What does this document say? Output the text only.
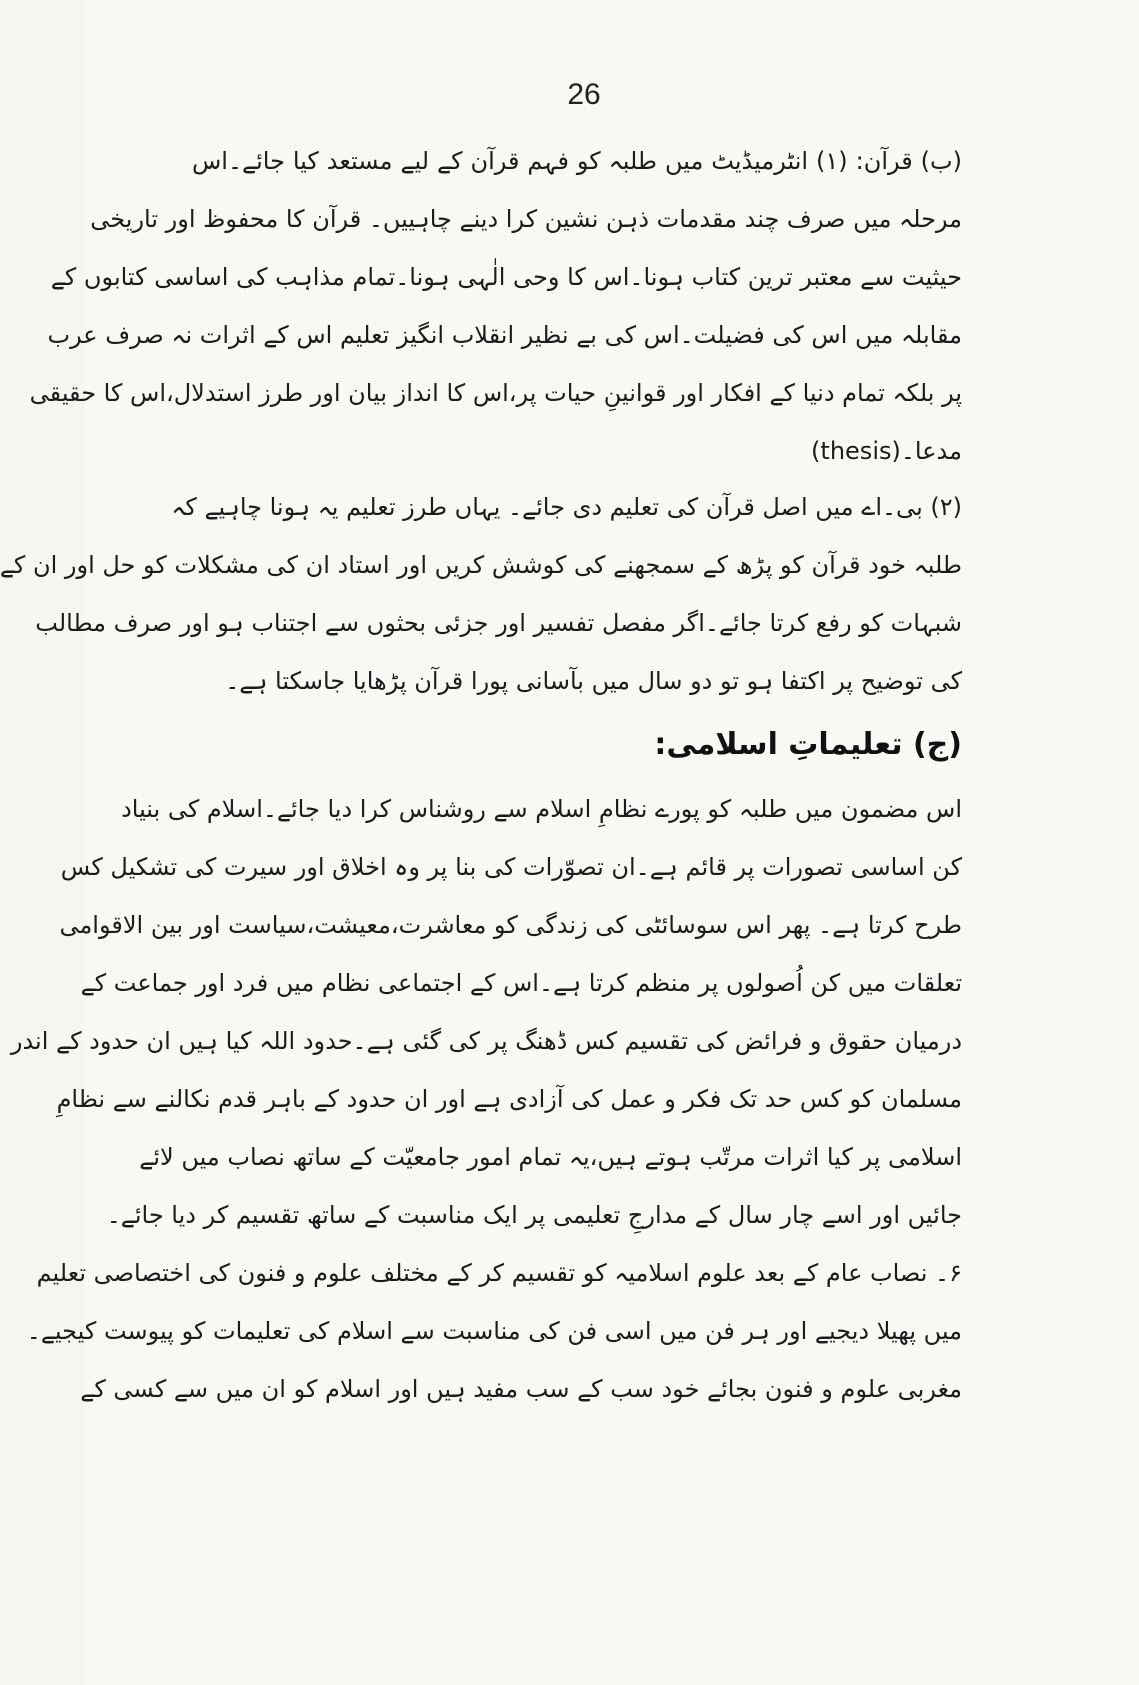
26
(ب) قرآن: (۱) انٹرمیڈیٹ میں طلبہ کو فہم قرآن کے لیے مستعد کیا جائے۔اس
مرحلہ میں صرف چند مقدمات ذہن نشین کرا دینے چاہییں۔ قرآن کا محفوظ اور تاریخی
حیثیت سے معتبر ترین کتاب ہونا۔اس کا وحی الٰہی ہونا۔تمام مذاہب کی اساسی کتابوں کے
مقابلہ میں اس کی فضیلت۔اس کی بے نظیر انقلاب انگیز تعلیم اس کے اثرات نہ صرف عرب
پر بلکہ تمام دنیا کے افکار اور قوانینِ حیات پر،اس کا انداز بیان اور طرز استدلال،اس کا حقیقی
مدعا۔(thesis)
(۲) بی۔اے میں اصل قرآن کی تعلیم دی جائے۔ یہاں طرز تعلیم یہ ہونا چاہیے کہ
طلبہ خود قرآن کو پڑھ کے سمجھنے کی کوشش کریں اور استاد ان کی مشکلات کو حل اور ان کے
شبہات کو رفع کرتا جائے۔اگر مفصل تفسیر اور جزئی بحثوں سے اجتناب ہو اور صرف مطالب
کی توضیح پر اکتفا ہو تو دو سال میں بآسانی پورا قرآن پڑھایا جاسکتا ہے۔
(ج) تعلیماتِ اسلامی:
اس مضمون میں طلبہ کو پورے نظامِ اسلام سے روشناس کرا دیا جائے۔اسلام کی بنیاد
کن اساسی تصورات پر قائم ہے۔ان تصوّرات کی بنا پر وہ اخلاق اور سیرت کی تشکیل کس
طرح کرتا ہے۔ پھر اس سوسائٹی کی زندگی کو معاشرت،معیشت،سیاست اور بین الاقوامی
تعلقات میں کن اُصولوں پر منظم کرتا ہے۔اس کے اجتماعی نظام میں فرد اور جماعت کے
درمیان حقوق و فرائض کی تقسیم کس ڈھنگ پر کی گئی ہے۔حدود اللہ کیا ہیں ان حدود کے اندر
مسلمان کو کس حد تک فکر و عمل کی آزادی ہے اور ان حدود کے باہر قدم نکالنے سے نظامِ
اسلامی پر کیا اثرات مرتّب ہوتے ہیں،یہ تمام امور جامعیّت کے ساتھ نصاب میں لائے
جائیں اور اسے چار سال کے مدارجِ تعلیمی پر ایک مناسبت کے ساتھ تقسیم کر دیا جائے۔
۶۔ نصاب عام کے بعد علوم اسلامیہ کو تقسیم کر کے مختلف علوم و فنون کی اختصاصی تعلیم
میں پھیلا دیجیے اور ہر فن میں اسی فن کی مناسبت سے اسلام کی تعلیمات کو پیوست کیجیے۔
مغربی علوم و فنون بجائے خود سب کے سب مفید ہیں اور اسلام کو ان میں سے کسی کے
